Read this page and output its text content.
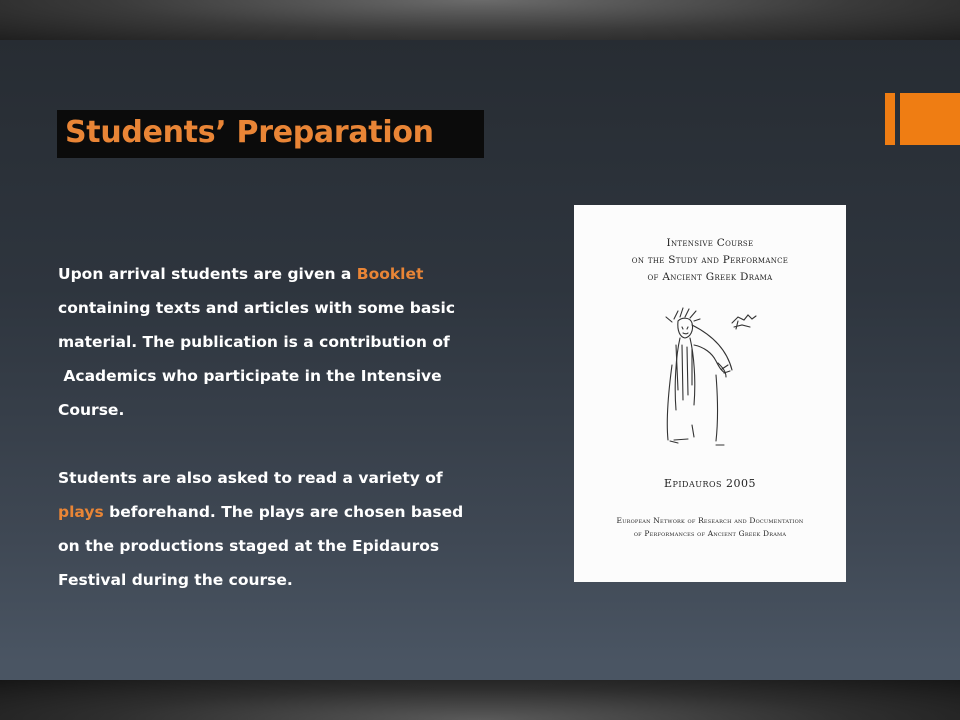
Students’ Preparation

Upon arrival students are given a Booklet

containing texts and articles with some basic

material. The publication is a contribution of

Academics who participate in the Intensive

Course.

Students are also asked to read a variety of

plays beforehand. The plays are chosen based

on the productions staged at the Epidauros

Festival during the course.

Intensive Course
on the Study and Performance
of Ancient Greek Drama
Epidauros 2005
European Network of Research and Documentation
of Performances of Ancient Greek Drama
